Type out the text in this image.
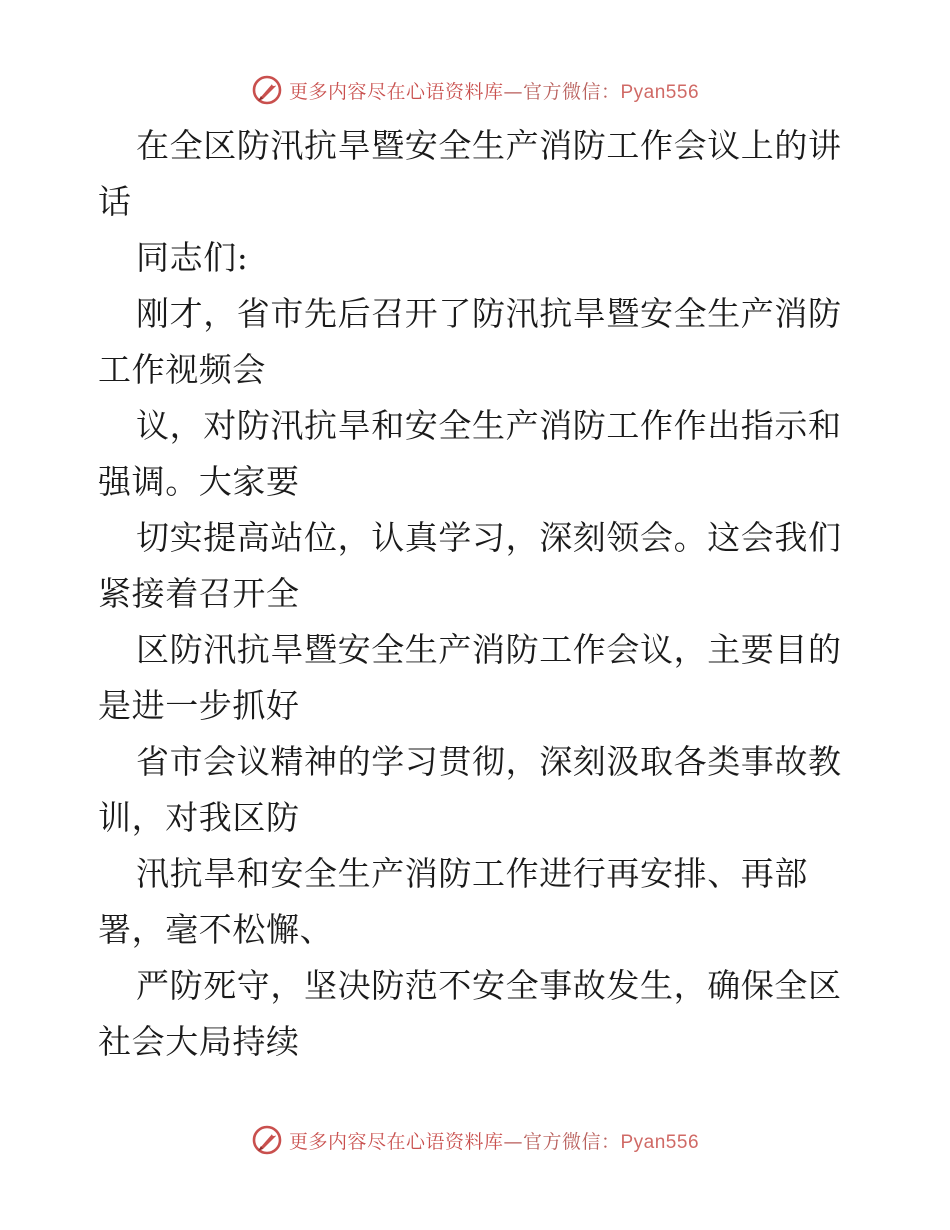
更多内容尽在心语资料库—官方微信：Pyan556
在全区防汛抗旱暨安全生产消防工作会议上的讲
话
同志们:
刚才，省市先后召开了防汛抗旱暨安全生产消防
工作视频会
议，对防汛抗旱和安全生产消防工作作出指示和
强调。大家要
切实提高站位，认真学习，深刻领会。这会我们
紧接着召开全
区防汛抗旱暨安全生产消防工作会议，主要目的
是进一步抓好
省市会议精神的学习贯彻，深刻汲取各类事故教
训，对我区防
汛抗旱和安全生产消防工作进行再安排、再部
署，毫不松懈、
严防死守，坚决防范不安全事故发生，确保全区
社会大局持续
更多内容尽在心语资料库—官方微信：Pyan556
